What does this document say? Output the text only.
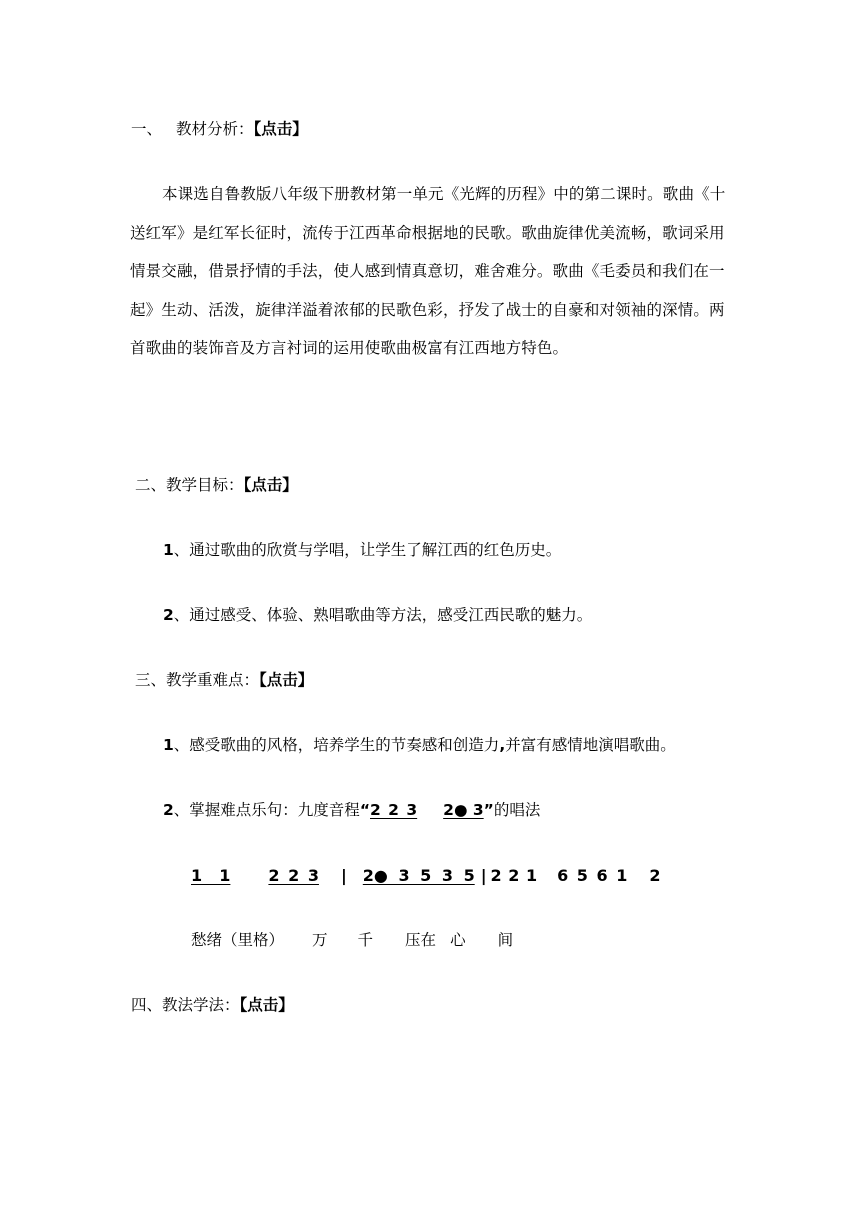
一、 教材分析：【点击】
本课选自鲁教版八年级下册教材第一单元《光辉的历程》中的第二课时。歌曲《十送红军》是红军长征时，流传于江西革命根据地的民歌。歌曲旋律优美流畅，歌词采用情景交融，借景抒情的手法，使人感到情真意切，难舍难分。歌曲《毛委员和我们在一起》生动、活泼，旋律洋溢着浓郁的民歌色彩，抒发了战士的自豪和对领袖的深情。两首歌曲的装饰音及方言衬词的运用使歌曲极富有江西地方特色。
二、教学目标：【点击】
1、通过歌曲的欣赏与学唱，让学生了解江西的红色历史。
2、通过感受、体验、熟唱歌曲等方法，感受江西民歌的魅力。
三、教学重难点：【点击】
1、感受歌曲的风格，培养学生的节奏感和创造力,并富有感情地演唱歌曲。
2、掌握难点乐句：九度音程“2 2 3 2● 3”的唱法
1  1 2 2 3 | 2● 3 5 3 5 | 2 2 1 6 5 6 1 2
愁绪（里格） 万 千 压在 心 间
四、教法学法：【点击】
